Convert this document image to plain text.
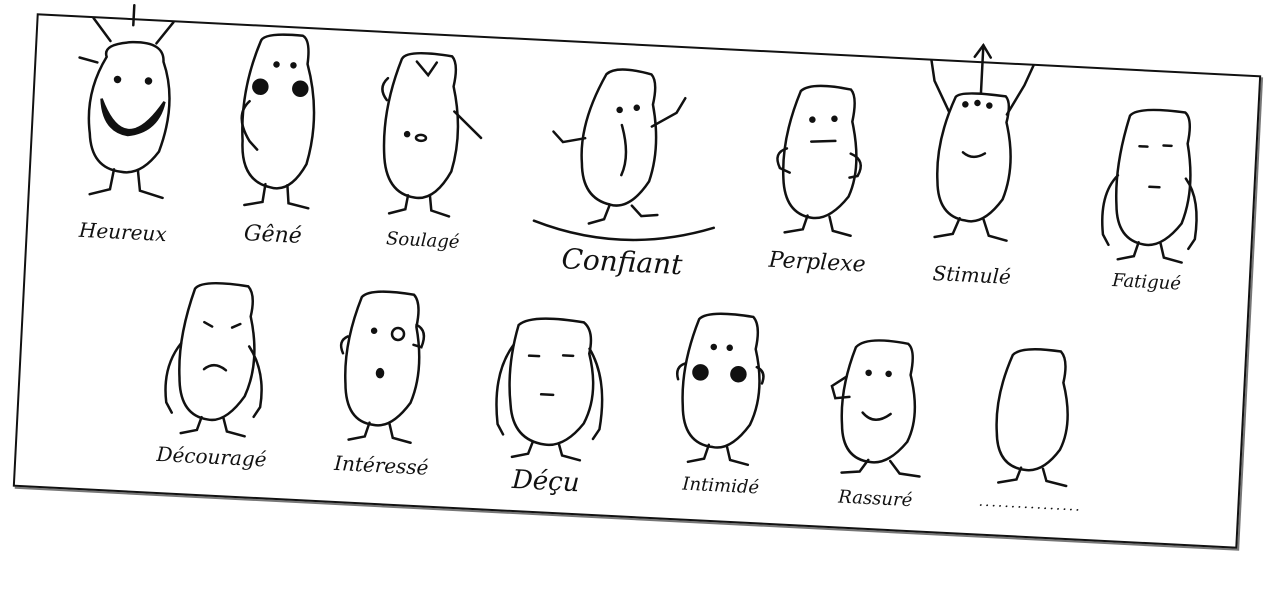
Heureux	Gêné	Soulagé
Confiant	Perplexe	Stimulé	Fatigué
Découragé	Intéressé	Déçu	Intimidé
Rassuré	................
